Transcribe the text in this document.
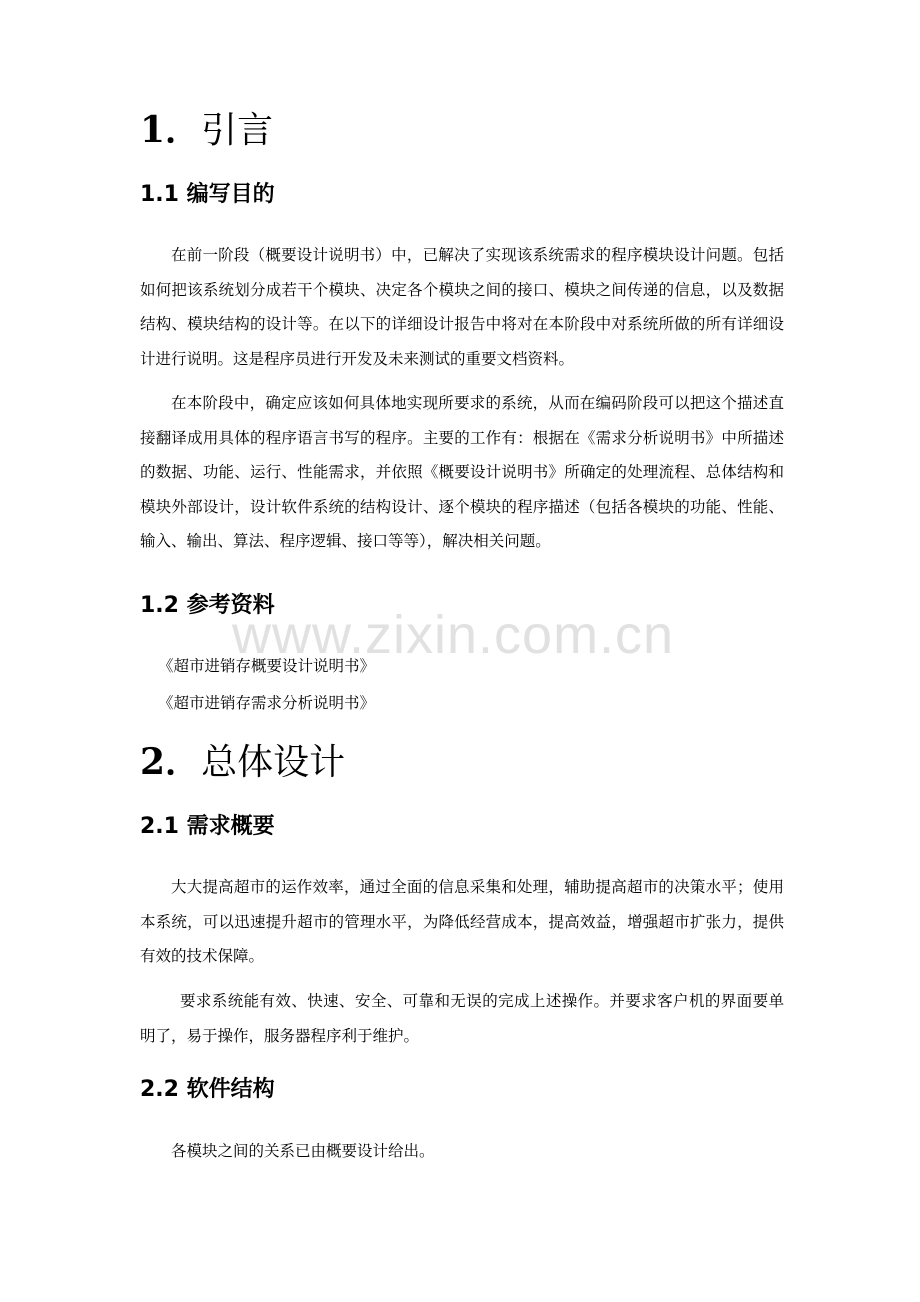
1．引言
1.1 编写目的

在前一阶段（概要设计说明书）中，已解决了实现该系统需求的程序模块设计问题。包括如何把该系统划分成若干个模块、决定各个模块之间的接口、模块之间传递的信息，以及数据结构、模块结构的设计等。在以下的详细设计报告中将对在本阶段中对系统所做的所有详细设计进行说明。这是程序员进行开发及未来测试的重要文档资料。

在本阶段中，确定应该如何具体地实现所要求的系统，从而在编码阶段可以把这个描述直接翻译成用具体的程序语言书写的程序。主要的工作有：根据在《需求分析说明书》中所描述的数据、功能、运行、性能需求，并依照《概要设计说明书》所确定的处理流程、总体结构和模块外部设计，设计软件系统的结构设计、逐个模块的程序描述（包括各模块的功能、性能、输入、输出、算法、程序逻辑、接口等等），解决相关问题。

1.2 参考资料

《超市进销存概要设计说明书》

《超市进销存需求分析说明书》

2．总体设计
2.1 需求概要

大大提高超市的运作效率，通过全面的信息采集和处理，辅助提高超市的决策水平；使用本系统，可以迅速提升超市的管理水平，为降低经营成本，提高效益，增强超市扩张力，提供有效的技术保障。

要求系统能有效、快速、安全、可靠和无误的完成上述操作。并要求客户机的界面要单明了，易于操作，服务器程序利于维护。

2.2 软件结构

各模块之间的关系已由概要设计给出。

www.zixin.com.cn
